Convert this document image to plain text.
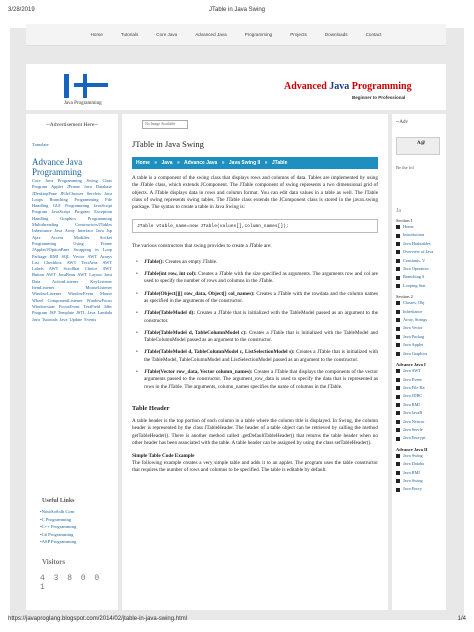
3/28/2019	JTable in Java Swing
Home	Tutorials	Core Java	Advanced Java	Programming	Projects	Downloads	Contact
Java Programming
Advanced Java Programming
Beginner to Professional
--Advertisement Here--
Translate
Advance Java Programming
Core Java Programming Swing Class Program Applet JFrame Java Database JDesktopPane JFileChooser Servlets Java Loops Branching Programming File Handling GUI Programming JavaScript Program JavaScript Program Exception Handling Graphics Programming Multithreading Constructors/JTables Inheritance Java Array Interface Java Jsp Ajax Access Modifier Socket Programming Using Frame JApplet/JOptionPane Swapping in Loop Package RMI SQL Vector AWT Arrays List Checkbox AWT TextArea AWT Labels AWT Scrollbar Choice AWT Button AWT JavaBean AWT Layout Java Data ActionListener KeyListener ItemListener MouseListener WindowListener WindowEvent Mouse Wheel ComponentListener WindowFocus Windowstate FocusEvent TextField Jdbc Program JSP Template JSTL Java Lambda Java Tutorials Java Update Events
Useful Links
• NourSoSolh.Com
• C Programming
• C++ Programming
• C# Programming
• ASP Programming
Visitors
4 3 8 0 0 1
No Image Available
JTable in Java Swing
Home » Java » Advance Java » Java Swing II » JTable
A table is a component of the swing class that displays rows and columns of data. Tables are implemented by using the JTable class, which extends JComponent. The JTable component of swing represents a two dimensional grid of objects. A JTable displays data in rows and column format. You can edit data values in a table as well. The JTable class of swing represents swing tables. The JTable class extends the JComponent class is stored in the javax.swing package. The syntax to create a table in Java Swing is:
JTable vtable_name=new JTable(values[],column_names[]);
The various constructors that swing provides to create a JTable are:
• JTable(): Creates an empty JTable.
• JTable(int row, int col): Creates a JTable with the size specified as arguments. The arguments row and col are used to specify the number of rows and columns in the JTable.
• JTable(Object[][] row_data, Object[] col_names): Creates a JTable with the rowdata and the column names as specified in the arguments of the constructor.
• JTable(TableModel d): Creates a JTable that is initialized with the TableModel passed as an argument to the constructor.
• JTable(TableModel d, TableColumnModel c): Creates a JTable that is initialized with the TableModel and TableColumnModel passed as an argument to the constructor.
• JTable(TableModel d, TableColumnModel c, ListSelectionModel s): Creates a JTable that is initialized with the TableModel, TableColumnModel and ListSelectionModel passed as an argument to the constructor.
• JTable(Vector row_data, Vector column_names): Creates a JTable that displays the components of the vector arguments passed to the constructor. The argument_row_data is used to specify the data that is represented as rows in the JTable. The arguments, column_names specifies the name of columns in the JTable.
Table Header
A table header is the top portion of each column in a table where the column title is displayed. In Swing, the column header is represented by the class JTableHeader. The header of a table object can be retrieved by calling the method getTableHeader(). There is another method called .getDefaultTableHeader() that returns the table header when no other header has been associated with the table. A table header can be assigned by using the class setTableHeader().
Simple Table Code Example
The following example creates a very simple table and adds it to an applet. The program uses the table constructor that requires the number of rows and columns to be specified. The table is editable by default.
--Adv
A@
Be the fol
Ja
Section 1
Home
Introduction
Java Hashtables
Overview of Java
Constants, V
Java Operators
Branching S
Looping Stat
Section 2
Classes, Obj
Inheritance
Array, Strings
Java Vector
Java Packag
Java Applet
Java Graphics
Advance Java I
Java AWT
Java Event
Java File Ha
Java JDBC
Java RMI
Java JavaB
Java Networ
Java Servle
Java Encrypt
Advance Java II
Java Swing
Java Databa
Java RMI
Java Swing
Java Encry
https://javaproglang.blogspot.com/2014/02/jtable-in-java-swing.html	1/4
